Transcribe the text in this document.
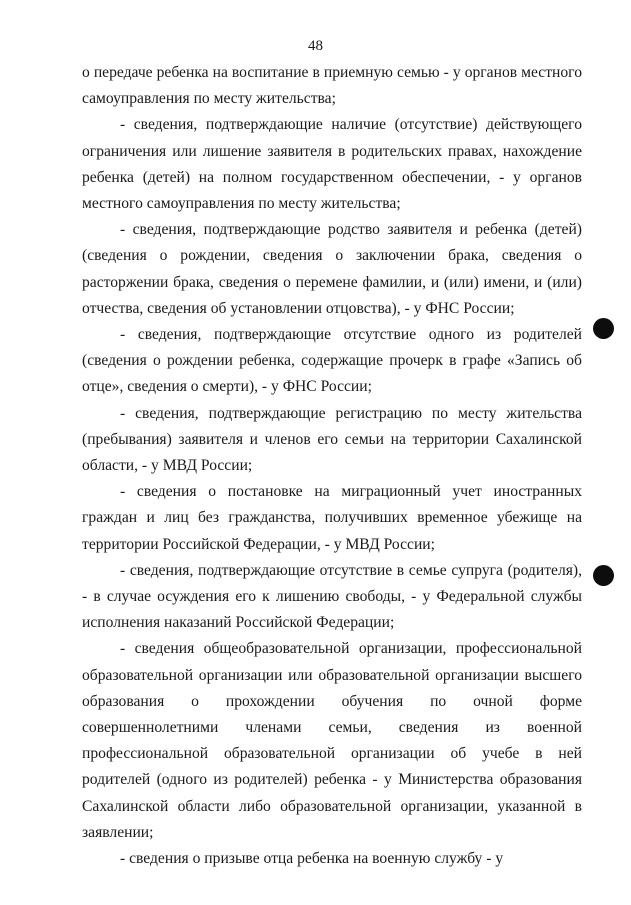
48

о передаче ребенка на воспитание в приемную семью - у органов местного самоуправления по месту жительства;

- сведения, подтверждающие наличие (отсутствие) действующего ограничения или лишение заявителя в родительских правах, нахождение ребенка (детей) на полном государственном обеспечении, - у органов местного самоуправления по месту жительства;

- сведения, подтверждающие родство заявителя и ребенка (детей) (сведения о рождении, сведения о заключении брака, сведения о расторжении брака, сведения о перемене фамилии, и (или) имени, и (или) отчества, сведения об установлении отцовства), - у ФНС России;

- сведения, подтверждающие отсутствие одного из родителей (сведения о рождении ребенка, содержащие прочерк в графе «Запись об отце», сведения о смерти), - у ФНС России;

- сведения, подтверждающие регистрацию по месту жительства (пребывания) заявителя и членов его семьи на территории Сахалинской области, - у МВД России;

- сведения о постановке на миграционный учет иностранных граждан и лиц без гражданства, получивших временное убежище на территории Российской Федерации, - у МВД России;

- сведения, подтверждающие отсутствие в семье супруга (родителя), - в случае осуждения его к лишению свободы, - у Федеральной службы исполнения наказаний Российской Федерации;

- сведения общеобразовательной организации, профессиональной образовательной организации или образовательной организации высшего образования о прохождении обучения по очной форме совершеннолетними членами семьи, сведения из военной профессиональной образовательной организации об учебе в ней родителей (одного из родителей) ребенка - у Министерства образования Сахалинской области либо образовательной организации, указанной в заявлении;

- сведения о призыве отца ребенка на военную службу - у
